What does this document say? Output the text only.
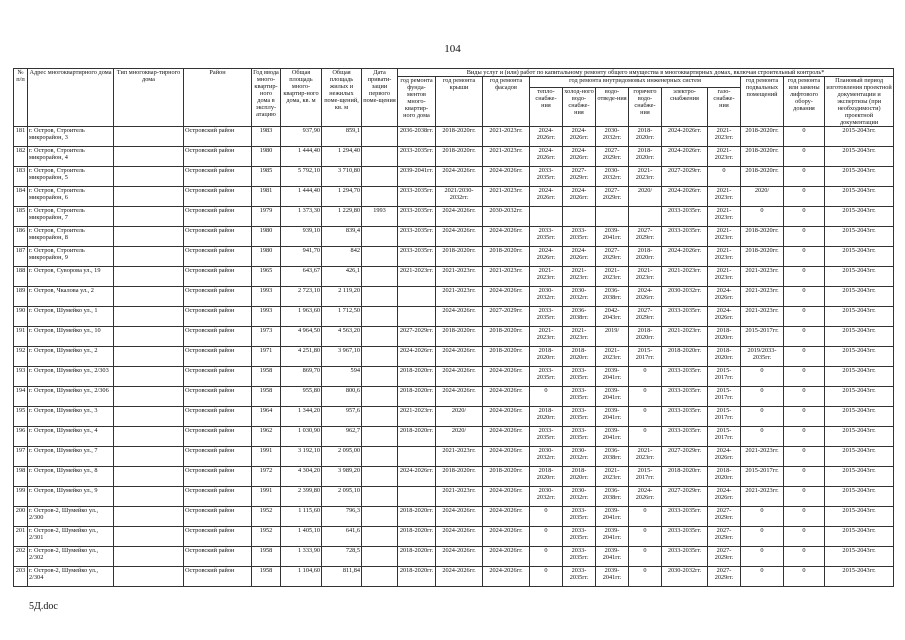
104
№ п/п	Адрес многоквартирного дома	Тип многоквар-тирного дома	Район	Год ввода много-квартир-ного дома в эксплу-атацию	Общая площадь много-квартир-ного дома, кв. м	Общая площадь жилых и нежилых поме-щений, кв. м	Дата привати-зации первого поме-щения	Виды услуг и (или) работ по капитальному ремонту общего имущества в многоквартирных домах, включая строительный контроль*											
								год ремонта фунда-ментов много-квартир-ного дома	год ремонта крыши	год ремонта фасадов	год ремонта внутридомовых инженерных систем						год ремонта подвальных помещений	год ремонта или замены лифтового обору-дования	Плановый период изготовления проектной документации и экспертизы (при необходимости) проектной документации
											тепло-снабже-ния	холод-ного водо-снабже-ния	водо-отведе-ния	горячего водо-снабже-ния	электро-снабжения	газо-снабже-ния			
181	г. Остров, Строитель микрорайон, 3		Островский район	1983	937,90	859,1		2036-2038гг.	2018-2020гг.	2021-2023гг.	2024-2026гг.	2024-2026гг.	2030-2032гг.	2018-2020гг.	2024-2026гг.	2021-2023гг.	2018-2020гг.	0	2015-2043гг.
182	г. Остров, Строитель микрорайон, 4		Островский район	1980	1 444,40	1 294,40		2033-2035гг.	2018-2020гг.	2021-2023гг.	2024-2026гг.	2024-2026гг.	2027-2029гг.	2018-2020гг.	2024-2026гг.	2021-2023гг.	2018-2020гг.	0	2015-2043гг.
183	г. Остров, Строитель микрорайон, 5		Островский район	1985	5 792,10	3 710,80		2039-2041гг.	2024-2026гг.	2024-2026гг.	2033-2035гг.	2027-2029гг.	2030-2032гг.	2021-2023гг.	2027-2029гг.	0	2018-2020гг.	0	2015-2043гг.
184	г. Остров, Строитель микрорайон, 6		Островский район	1981	1 444,40	1 294,70		2033-2035гг.	2021/2030-2032гг.	2021-2023гг.	2024-2026гг.	2024-2026гг.	2027-2029гг.	2020/	2024-2026гг.	2021-2023гг.	2020/	0	2015-2043гг.
185	г. Остров, Строитель микрорайон, 7		Островский район	1979	1 373,30	1 229,80	1993	2033-2035гг.	2024-2026гг.	2030-2032гг.					2033-2035гг.	2021-2023гг.	0	0	2015-2043гг.
186	г. Остров, Строитель микрорайон, 8		Островский район	1980	939,10	839,4		2033-2035гг.	2024-2026гг.	2024-2026гг.	2033-2035гг.	2033-2035гг.	2039-2041гг.	2027-2029гг.	2033-2035гг.	2021-2023гг.	2018-2020гг.	0	2015-2043гг.
187	г. Остров, Строитель микрорайон, 9		Островский район	1980	941,70	842		2033-2035гг.	2018-2020гг.	2018-2020гг.	2024-2026гг.	2024-2026гг.	2027-2029гг.	2018-2020гг.	2024-2026гг.	2021-2023гг.	2018-2020гг.	0	2015-2043гг.
188	г. Остров, Суворова ул., 19		Островский район	1965	643,67	426,1		2021-2023гг.	2021-2023гг.	2021-2023гг.	2021-2023гг.	2021-2023гг.	2021-2023гг.	2021-2023гг.	2021-2023гг.	2021-2023гг.	2021-2023гг.	0	2015-2043гг.
189	г. Остров, Чкалова ул., 2		Островский район	1993	2 723,10	2 119,20			2021-2023гг.	2024-2026гг.	2030-2032гг.	2030-2032гг.	2036-2038гг.	2024-2026гг.	2030-2032гг.	2024-2026гг.	2021-2023гг.	0	2015-2043гг.
190	г. Остров, Шумейко ул., 1		Островский район	1993	1 963,60	1 712,50			2024-2026гг.	2027-2029гг.	2033-2035гг.	2036-2038гг.	2042-2043гг.	2027-2029гг.	2033-2035гг.	2024-2026гг.	2021-2023гг.	0	2015-2043гг.
191	г. Остров, Шумейко ул., 10		Островский район	1973	4 964,50	4 563,20		2027-2029гг.	2018-2020гг.	2018-2020гг.	2021-2023гг.	2021-2023гг.	2019/	2018-2020гг.	2021-2023гг.	2018-2020гг.	2015-2017гг.	0	2015-2043гг.
192	г. Остров, Шумейко ул., 2		Островский район	1971	4 251,80	3 967,10		2024-2026гг.	2024-2026гг.	2018-2020гг.	2018-2020гг.	2018-2020гг.	2021-2023гг.	2015-2017гг.	2018-2020гг.	2018-2020гг.	2019/2033-2035гг.	0	2015-2043гг.
193	г. Остров, Шумейко ул., 2/303		Островский район	1958	869,70	594		2018-2020гг.	2024-2026гг.	2024-2026гг.	2033-2035гг.	2033-2035гг.	2039-2041гг.	0	2033-2035гг.	2015-2017гг.	0	0	2015-2043гг.
194	г. Остров, Шумейко ул., 2/306		Островский район	1958	955,80	800,6		2018-2020гг.	2024-2026гг.	2024-2026гг.	0	2033-2035гг.	2039-2041гг.	0	2033-2035гг.	2015-2017гг.	0	0	2015-2043гг.
195	г. Остров, Шумейко ул., 3		Островский район	1964	1 344,20	957,6		2021-2023гг.	2020/	2024-2026гг.	2018-2020гг.	2033-2035гг.	2039-2041гг.	0	2033-2035гг.	2015-2017гг.	0	0	2015-2043гг.
196	г. Остров, Шумейко ул., 4		Островский район	1962	1 030,90	962,7		2018-2020гг.	2020/	2024-2026гг.	2033-2035гг.	2033-2035гг.	2039-2041гг.	0	2033-2035гг.	2015-2017гг.	0	0	2015-2043гг.
197	г. Остров, Шумейко ул., 7		Островский район	1991	3 192,10	2 095,00			2021-2023гг.	2024-2026гг.	2030-2032гг.	2030-2032гг.	2036-2038гг.	2021-2023гг.	2027-2029гг.	2024-2026гг.	2021-2023гг.	0	2015-2043гг.
198	г. Остров, Шумейко ул., 8		Островский район	1972	4 304,20	3 989,20		2024-2026гг.	2018-2020гг.	2018-2020гг.	2018-2020гг.	2018-2020гг.	2021-2023гг.	2015-2017гг.	2018-2020гг.	2018-2020гг.	2015-2017гг.	0	2015-2043гг.
199	г. Остров, Шумейко ул., 9		Островский район	1991	2 399,80	2 095,10			2021-2023гг.	2024-2026гг.	2030-2032гг.	2030-2032гг.	2036-2038гг.	2024-2026гг.	2027-2029гг.	2024-2026гг.	2021-2023гг.	0	2015-2043гг.
200	г. Остров-2, Шумейко ул., 2/300		Островский район	1952	1 115,60	796,3		2018-2020гг.	2024-2026гг.	2024-2026гг.	0	2033-2035гг.	2039-2041гг.	0	2033-2035гг.	2027-2029гг.	0	0	2015-2043гг.
201	г. Остров-2, Шумейко ул., 2/301		Островский район	1952	1 405,10	641,6		2018-2020гг.	2024-2026гг.	2024-2026гг.	0	2033-2035гг.	2039-2041гг.	0	2033-2035гг.	2027-2029гг.	0	0	2015-2043гг.
202	г. Остров-2, Шумейко ул., 2/302		Островский район	1958	1 333,90	728,5		2018-2020гг.	2024-2026гг.	2024-2026гг.	0	2033-2035гг.	2039-2041гг.	0	2033-2035гг.	2027-2029гг.	0	0	2015-2043гг.
203	г. Остров-2, Шумейко ул., 2/304		Островский район	1958	1 104,60	811,84		2018-2020гг.	2024-2026гг.	2024-2026гг.	0	2033-2035гг.	2039-2041гг.	0	2030-2032гг.	2027-2029гг.	0	0	2015-2043гг.
5Д.doc
